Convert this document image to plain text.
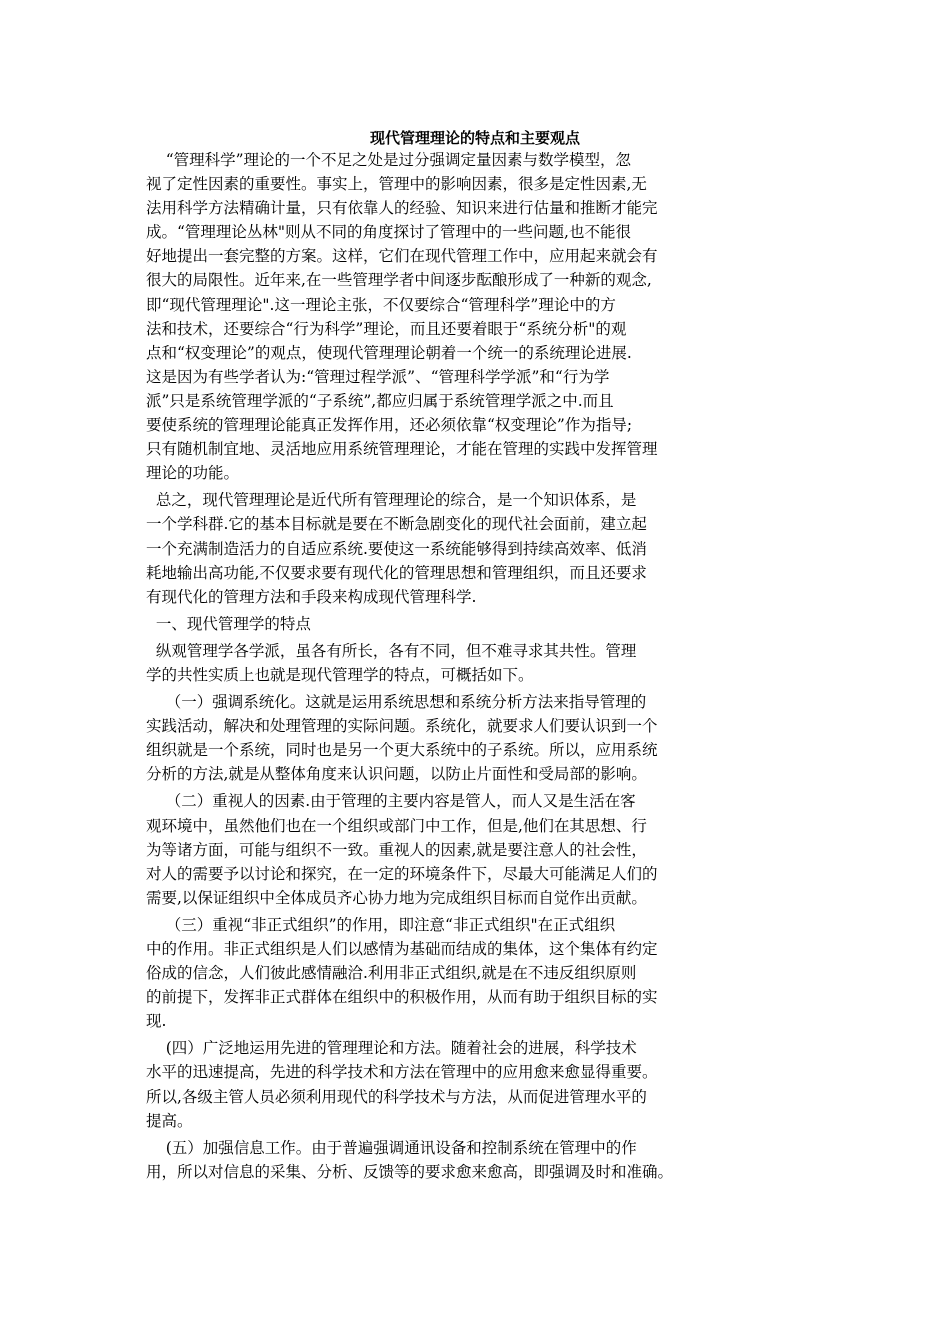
现代管理理论的特点和主要观点
“管理科学”理论的一个不足之处是过分强调定量因素与数学模型，忽
视了定性因素的重要性。事实上，管理中的影响因素，很多是定性因素,无
法用科学方法精确计量，只有依靠人的经验、知识来进行估量和推断才能完
成。“管理理论丛林"则从不同的角度探讨了管理中的一些问题,也不能很
好地提出一套完整的方案。这样，它们在现代管理工作中，应用起来就会有
很大的局限性。近年来,在一些管理学者中间逐步酝酿形成了一种新的观念,
即“现代管理理论".这一理论主张，不仅要综合“管理科学”理论中的方
法和技术，还要综合“行为科学”理论，而且还要着眼于“系统分析"的观
点和“权变理论”的观点，使现代管理理论朝着一个统一的系统理论进展.
这是因为有些学者认为:“管理过程学派”、“管理科学学派”和“行为学
派”只是系统管理学派的“子系统”,都应归属于系统管理学派之中.而且
要使系统的管理理论能真正发挥作用，还必须依靠“权变理论”作为指导;
只有随机制宜地、灵活地应用系统管理理论，才能在管理的实践中发挥管理
理论的功能。
总之，现代管理理论是近代所有管理理论的综合，是一个知识体系，是
一个学科群.它的基本目标就是要在不断急剧变化的现代社会面前，建立起
一个充满制造活力的自适应系统.要使这一系统能够得到持续高效率、低消
耗地输出高功能,不仅要求要有现代化的管理思想和管理组织，而且还要求
有现代化的管理方法和手段来构成现代管理科学.
一、现代管理学的特点
纵观管理学各学派，虽各有所长，各有不同，但不难寻求其共性。管理
学的共性实质上也就是现代管理学的特点，可概括如下。
（一）强调系统化。这就是运用系统思想和系统分析方法来指导管理的
实践活动，解决和处理管理的实际问题。系统化，就要求人们要认识到一个
组织就是一个系统，同时也是另一个更大系统中的子系统。所以，应用系统
分析的方法,就是从整体角度来认识问题，以防止片面性和受局部的影响。
（二）重视人的因素.由于管理的主要内容是管人，而人又是生活在客
观环境中，虽然他们也在一个组织或部门中工作，但是,他们在其思想、行
为等诸方面，可能与组织不一致。重视人的因素,就是要注意人的社会性，
对人的需要予以讨论和探究，在一定的环境条件下，尽最大可能满足人们的
需要,以保证组织中全体成员齐心协力地为完成组织目标而自觉作出贡献。
（三）重视“非正式组织”的作用，即注意“非正式组织"在正式组织
中的作用。非正式组织是人们以感情为基础而结成的集体，这个集体有约定
俗成的信念，人们彼此感情融洽.利用非正式组织,就是在不违反组织原则
的前提下，发挥非正式群体在组织中的积极作用，从而有助于组织目标的实
现.
(四）广泛地运用先进的管理理论和方法。随着社会的进展，科学技术
水平的迅速提高，先进的科学技术和方法在管理中的应用愈来愈显得重要。
所以,各级主管人员必须利用现代的科学技术与方法，从而促进管理水平的
提高。
(五）加强信息工作。由于普遍强调通讯设备和控制系统在管理中的作
用，所以对信息的采集、分析、反馈等的要求愈来愈高，即强调及时和准确。
